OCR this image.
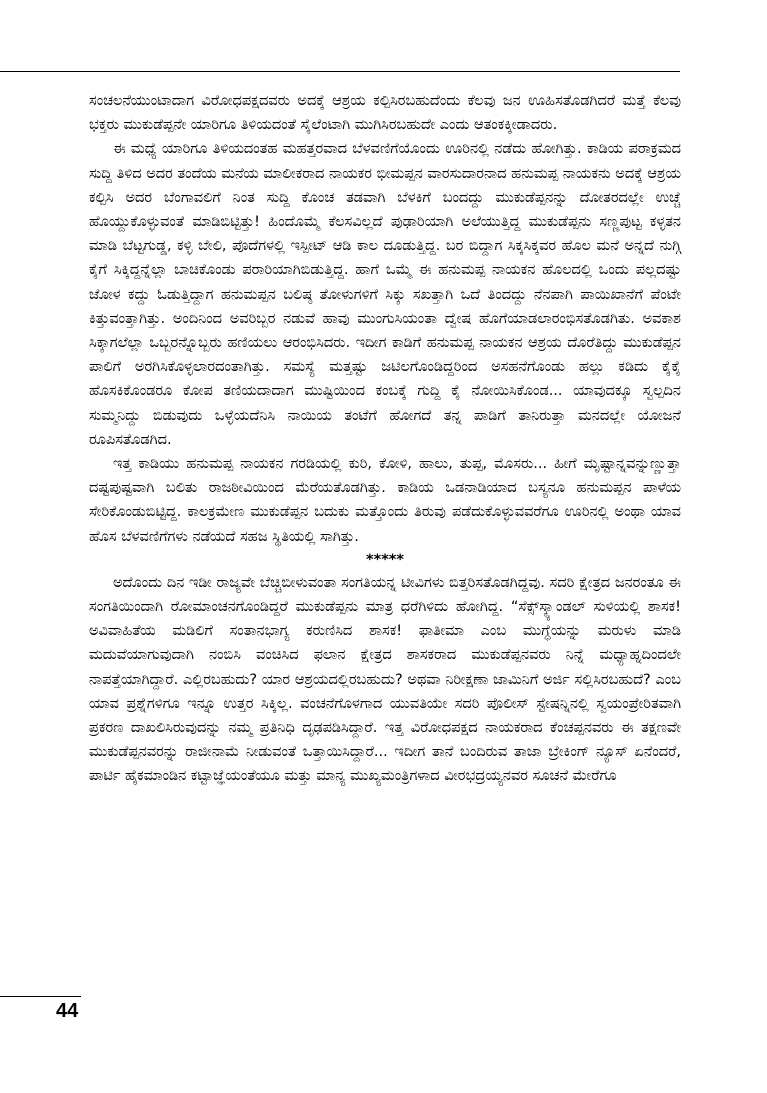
ಸಂಚಲನೆಯುಂಟಾದಾಗ ವಿರೋಧಪಕ್ಷದವರು ಅದಕ್ಕೆ ಆಶ್ರಯ ಕಲ್ಪಿಸಿರಬಹುದೆಂದು ಕೆಲವು ಜನ ಊಹಿಸತೊಡಗಿದರೆ ಮತ್ತೆ ಕೆಲವು ಭಕ್ತರು ಮುಕುಡೆಪ್ಪನೇ ಯಾರಿಗೂ ತಿಳಿಯದಂತೆ ಸೈಲೆಂಟಾಗಿ ಮುಗಿಸಿರಬಹುದೇ ಎಂದು ಆತಂಕಕ್ಕೀಡಾದರು.

ಈ ಮಧ್ಯೆ ಯಾರಿಗೂ ತಿಳಿಯದಂತಹ ಮಹತ್ತರವಾದ ಬೆಳವಣಿಗೆಯೊಂದು ಊರಿನಲ್ಲಿ ನಡೆದು ಹೋಗಿತ್ತು. ಕಾಡಿಯ ಪರಾಕ್ರಮದ ಸುದ್ದಿ ತಿಳಿದ ಅದರ ತಂದೆಯ ಮನೆಯ ಮಾಲೀಕರಾದ ನಾಯಕರ ಭೀಮಪ್ಪನ ವಾರಸುದಾರನಾದ ಹನುಮಪ್ಪ ನಾಯಕನು ಅದಕ್ಕೆ ಆಶ್ರಯ ಕಲ್ಪಿಸಿ ಅದರ ಬೆಂಗಾವಲಿಗೆ ನಿಂತ ಸುದ್ದಿ ಕೊಂಚ ತಡವಾಗಿ ಬೆಳಕಿಗೆ ಬಂದದ್ದು ಮುಕುಡೆಪ್ಪನನ್ನು ದೋತರದಲ್ಲೇ ಉಚ್ಚೆ ಹೊಯ್ದುಕೊಳ್ಳುವಂತೆ ಮಾಡಿಬಿಟ್ಟಿತ್ತು! ಹಿಂದೊಮ್ಮೆ ಕೆಲಸವಿಲ್ಲದೆ ಪುಢಾರಿಯಾಗಿ ಅಲೆಯುತ್ತಿದ್ದ ಮುಕುಡೆಪ್ಪನು ಸಣ್ಣಪುಟ್ಟ ಕಳ್ಳತನ ಮಾಡಿ ಬೆಟ್ಟಗುಡ್ಡ, ಕಳ್ಳಿ ಬೇಲಿ, ಪೊದೆಗಳಲ್ಲಿ ಇಸ್ಪೀಟ್ ಆಡಿ ಕಾಲ ದೂಡುತ್ತಿದ್ದ. ಬರ ಬಿದ್ದಾಗ ಸಿಕ್ಕಸಿಕ್ಕವರ ಹೊಲ ಮನೆ ಅನ್ನದೆ ನುಗ್ಗಿ ಕೈಗೆ ಸಿಕ್ಕಿದ್ದನ್ನೆಲ್ಲಾ ಬಾಚಿಕೊಂಡು ಪರಾರಿಯಾಗಿಬಿಡುತ್ತಿದ್ದ. ಹಾಗೆ ಒಮ್ಮೆ ಈ ಹನುಮಪ್ಪ ನಾಯಕನ ಹೊಲದಲ್ಲಿ ಒಂದು ಪಲ್ಲದಷ್ಟು ಜೋಳ ಕದ್ದು ಓಡುತ್ತಿದ್ದಾಗ ಹನುಮಪ್ಪನ ಬಲಿಷ್ಠ ತೋಳುಗಳಿಗೆ ಸಿಕ್ಕು ಸಖತ್ತಾಗಿ ಒದೆ ತಿಂದದ್ದು ನೆನಪಾಗಿ ಪಾಯಿಖಾನೆಗೆ ಪೆಂಟೇ ಕಿತ್ತುವಂತ್ತಾಗಿತ್ತು. ಅಂದಿನಿಂದ ಅವರಿಬ್ಬರ ನಡುವೆ ಹಾವು ಮುಂಗುಸಿಯಂತಾ ದ್ವೇಷ ಹೊಗೆಯಾಡಲಾರಂಭಿಸತೊಡಗಿತು. ಅವಕಾಶ ಸಿಕ್ಕಾಗಲೆಲ್ಲಾ ಒಬ್ಬರನ್ನೊಬ್ಬರು ಹಣಿಯಲು ಆರಂಭಿಸಿದರು. ಇದೀಗ ಕಾಡಿಗೆ ಹನುಮಪ್ಪ ನಾಯಕನ ಆಶ್ರಯ ದೊರೆತಿದ್ದು ಮುಕುಡೆಪ್ಪನ ಪಾಲಿಗೆ ಅರಗಿಸಿಕೊಳ್ಳಲಾರದಂತಾಗಿತ್ತು. ಸಮಸ್ಯೆ ಮತ್ತಷ್ಟು ಜಟಿಲಗೊಂಡಿದ್ದರಿಂದ ಅಸಹನೆಗೊಂಡು ಹಲ್ಲು ಕಡಿದು ಕೈಕೈ ಹೊಸಕಿಕೊಂಡರೂ ಕೋಪ ತಣಿಯದಾದಾಗ ಮುಷ್ಟಿಯಿಂದ ಕಂಬಕ್ಕೆ ಗುದ್ದಿ ಕೈ ನೋಯಿಸಿಕೊಂಡ... ಯಾವುದಕ್ಕೂ ಸ್ವಲ್ಪದಿನ ಸುಮ್ಮನಿದ್ದು ಬಿಡುವುದು ಒಳ್ಳೆಯದೆನಿಸಿ ನಾಯಿಯ ತಂಟೆಗೆ ಹೋಗದೆ ತನ್ನ ಪಾಡಿಗೆ ತಾನಿರುತ್ತಾ ಮನದಲ್ಲೇ ಯೋಜನೆ ರೂಪಿಸತೊಡಗಿದ.

ಇತ್ತ ಕಾಡಿಯು ಹನುಮಪ್ಪ ನಾಯಕನ ಗರಡಿಯಲ್ಲಿ ಕುರಿ, ಕೋಳಿ, ಹಾಲು, ತುಪ್ಪ, ಮೊಸರು... ಹೀಗೆ ಮೃಷ್ಟಾನ್ನವನ್ನುಣ್ಣುತ್ತಾ ದಷ್ಟಪುಷ್ಟವಾಗಿ ಬಲಿತು ರಾಜಠೀವಿಯಿಂದ ಮೆರೆಯತೊಡಗಿತ್ತು. ಕಾಡಿಯ ಒಡನಾಡಿಯಾದ ಬಸ್ಯನೂ ಹನುಮಪ್ಪನ ಪಾಳೆಯ ಸೇರಿಕೊಂಡುಬಿಟ್ಟಿದ್ದ. ಕಾಲಕ್ರಮೇಣ ಮುಕುಡೆಪ್ಪನ ಬದುಕು ಮತ್ತೊಂದು ತಿರುವು ಪಡೆದುಕೊಳ್ಳುವವರೆಗೂ ಊರಿನಲ್ಲಿ ಅಂಥಾ ಯಾವ ಹೊಸ ಬೆಳವಣಿಗೆಗಳು ನಡೆಯದೆ ಸಹಜ ಸ್ಥಿತಿಯಲ್ಲಿ ಸಾಗಿತ್ತು.

*****

ಅದೊಂದು ದಿನ ಇಡೀ ರಾಜ್ಯವೇ ಬೆಚ್ಚಿಬೀಳುವಂತಾ ಸಂಗತಿಯನ್ನ ಟೀವಿಗಳು ಬಿತ್ತರಿಸತೊಡಗಿದ್ದವು. ಸದರಿ ಕ್ಷೇತ್ರದ ಜನರಂತೂ ಈ ಸಂಗತಿಯಿಂದಾಗಿ ರೋಮಾಂಚನಗೊಂಡಿದ್ದರೆ ಮುಕುಡೆಪ್ಪನು ಮಾತ್ರ ಧರೆಗಿಳಿದು ಹೋಗಿದ್ದ. “ಸೆಕ್ಸ್‌ಸ್ಕ್ಯಾಂಡಲ್ ಸುಳಿಯಲ್ಲಿ ಶಾಸಕ! ಅವಿವಾಹಿತೆಯ ಮಡಿಲಿಗೆ ಸಂತಾನಭಾಗ್ಯ ಕರುಣಿಸಿದ ಶಾಸಕ! ಫಾತೀಮಾ ಎಂಬ ಮುಗ್ಧೆಯನ್ನು ಮರುಳು ಮಾಡಿ ಮದುವೆಯಾಗುವುದಾಗಿ ನಂಬಿಸಿ ವಂಚಿಸಿದ ಫಲಾನ ಕ್ಷೇತ್ರದ ಶಾಸಕರಾದ ಮುಕುಡೆಪ್ಪನವರು ನಿನ್ನೆ ಮಧ್ಯಾಹ್ನದಿಂದಲೇ ನಾಪತ್ತೆಯಾಗಿದ್ದಾರೆ. ಎಲ್ಲಿರಬಹುದು? ಯಾರ ಆಶ್ರಯದಲ್ಲಿರಬಹುದು? ಅಥವಾ ನಿರೀಕ್ಷಣಾ ಜಾಮಿನಿಗೆ ಅರ್ಜಿ ಸಲ್ಲಿಸಿರಬಹುದೆ? ಎಂಬ ಯಾವ ಪ್ರಶ್ನೆಗಳಿಗೂ ಇನ್ನೂ ಉತ್ತರ ಸಿಕ್ಕಿಲ್ಲ. ವಂಚನೆಗೊಳಗಾದ ಯುವತಿಯೇ ಸದರಿ ಪೊಲೀಸ್ ಸ್ಟೇಷನ್ನಿನಲ್ಲಿ ಸ್ವಯಂಪ್ರೇರಿತವಾಗಿ ಪ್ರಕರಣ ದಾಖಲಿಸಿರುವುದನ್ನು ನಮ್ಮ ಪ್ರತಿನಿಧಿ ದೃಢಪಡಿಸಿದ್ದಾರೆ. ಇತ್ತ ವಿರೋಧಪಕ್ಷದ ನಾಯಕರಾದ ಕೆಂಚಪ್ಪನವರು ಈ ತಕ್ಷಣವೇ ಮುಕುಡೆಪ್ಪನವರನ್ನು ರಾಜೀನಾಮೆ ನೀಡುವಂತೆ ಒತ್ತಾಯಿಸಿದ್ದಾರೆ... ಇದೀಗ ತಾನೆ ಬಂದಿರುವ ತಾಜಾ ಬ್ರೇಕಿಂಗ್ ನ್ಯೂಸ್ ಏನೆಂದರೆ, ಪಾರ್ಟಿ ಹೈಕಮಾಂಡಿನ ಕಟ್ಟಾಜ್ಞೆಯಂತೆಯೂ ಮತ್ತು ಮಾನ್ಯ ಮುಖ್ಯಮಂತ್ರಿಗಳಾದ ವೀರಭದ್ರಯ್ಯನವರ ಸೂಚನೆ ಮೇರೆಗೂ

44
